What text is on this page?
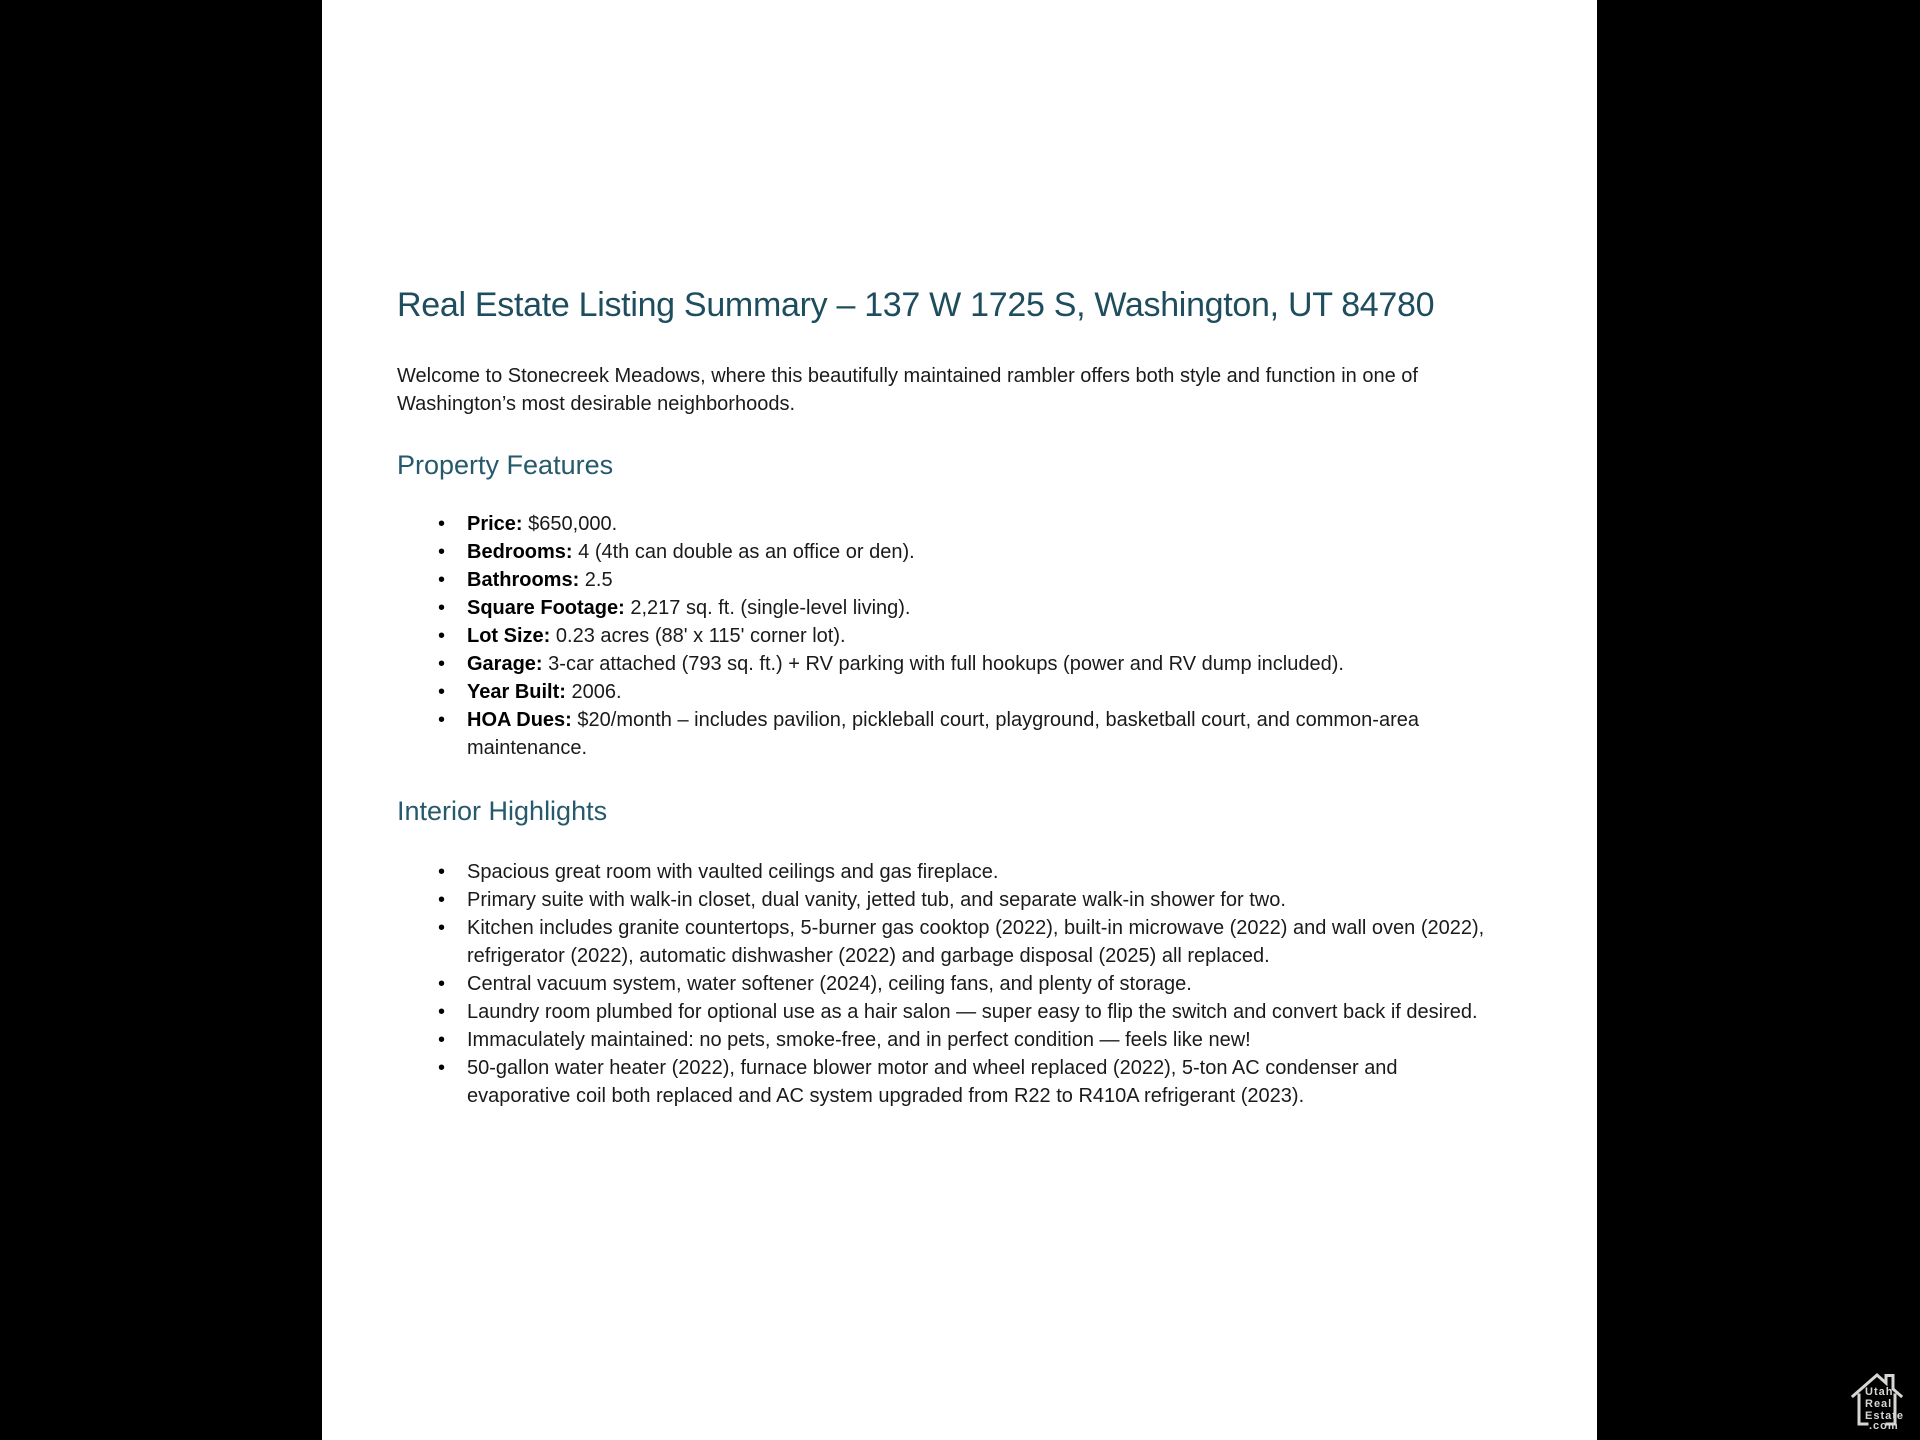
Real Estate Listing Summary – 137 W 1725 S, Washington, UT 84780

Welcome to Stonecreek Meadows, where this beautifully maintained rambler offers both style and function in one of Washington’s most desirable neighborhoods.

Property Features
• Price: $650,000.
• Bedrooms: 4 (4th can double as an office or den).
• Bathrooms: 2.5
• Square Footage: 2,217 sq. ft. (single-level living).
• Lot Size: 0.23 acres (88' x 115' corner lot).
• Garage: 3-car attached (793 sq. ft.) + RV parking with full hookups (power and RV dump included).
• Year Built: 2006.
• HOA Dues: $20/month – includes pavilion, pickleball court, playground, basketball court, and common-area maintenance.
Interior Highlights
• Spacious great room with vaulted ceilings and gas fireplace.
• Primary suite with walk-in closet, dual vanity, jetted tub, and separate walk-in shower for two.
• Kitchen includes granite countertops, 5-burner gas cooktop (2022), built-in microwave (2022) and wall oven (2022), refrigerator (2022), automatic dishwasher (2022) and garbage disposal (2025) all replaced.
• Central vacuum system, water softener (2024), ceiling fans, and plenty of storage.
• Laundry room plumbed for optional use as a hair salon — super easy to flip the switch and convert back if desired.
• Immaculately maintained: no pets, smoke-free, and in perfect condition — feels like new!
• 50-gallon water heater (2022), furnace blower motor and wheel replaced (2022), 5-ton AC condenser and evaporative coil both replaced and AC system upgraded from R22 to R410A refrigerant (2023).
Utah
Real
Estate
.com
